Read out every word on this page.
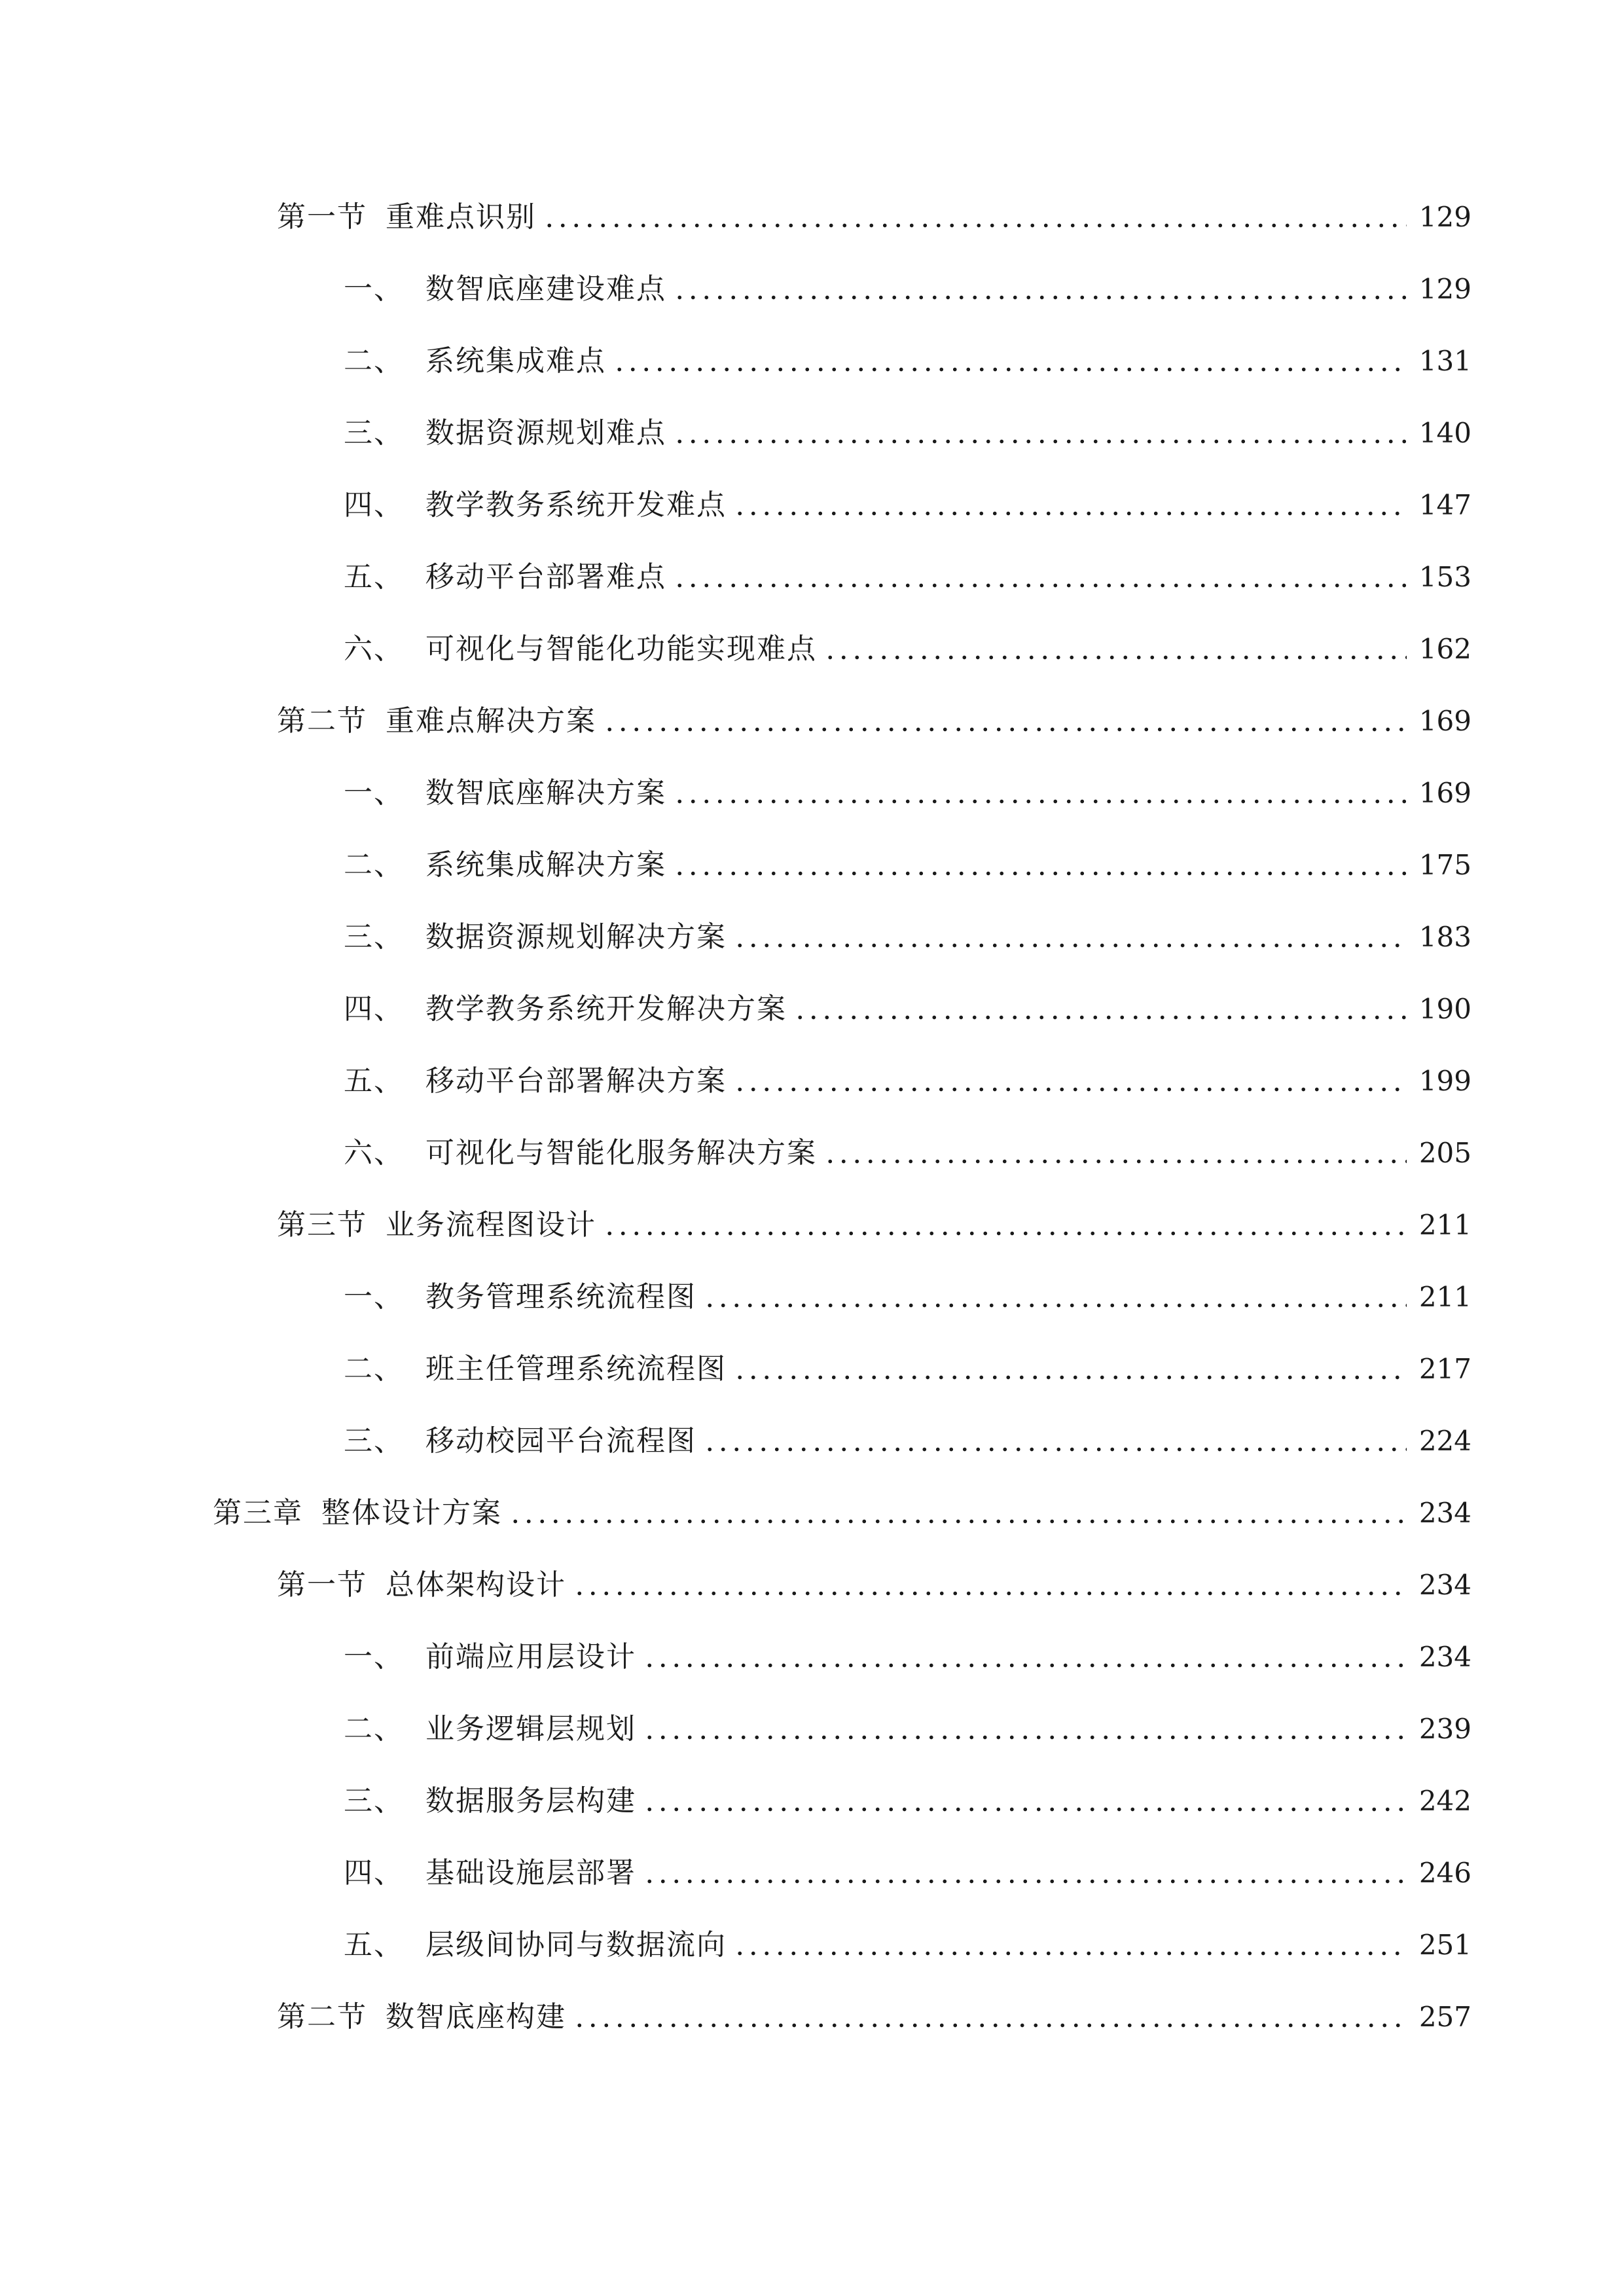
第一节 重难点识别	129
一、 数智底座建设难点	129
二、 系统集成难点	131
三、 数据资源规划难点	140
四、 教学教务系统开发难点	147
五、 移动平台部署难点	153
六、 可视化与智能化功能实现难点	162
第二节 重难点解决方案	169
一、 数智底座解决方案	169
二、 系统集成解决方案	175
三、 数据资源规划解决方案	183
四、 教学教务系统开发解决方案	190
五、 移动平台部署解决方案	199
六、 可视化与智能化服务解决方案	205
第三节 业务流程图设计	211
一、 教务管理系统流程图	211
二、 班主任管理系统流程图	217
三、 移动校园平台流程图	224
第三章 整体设计方案	234
第一节 总体架构设计	234
一、 前端应用层设计	234
二、 业务逻辑层规划	239
三、 数据服务层构建	242
四、 基础设施层部署	246
五、 层级间协同与数据流向	251
第二节 数智底座构建	257
